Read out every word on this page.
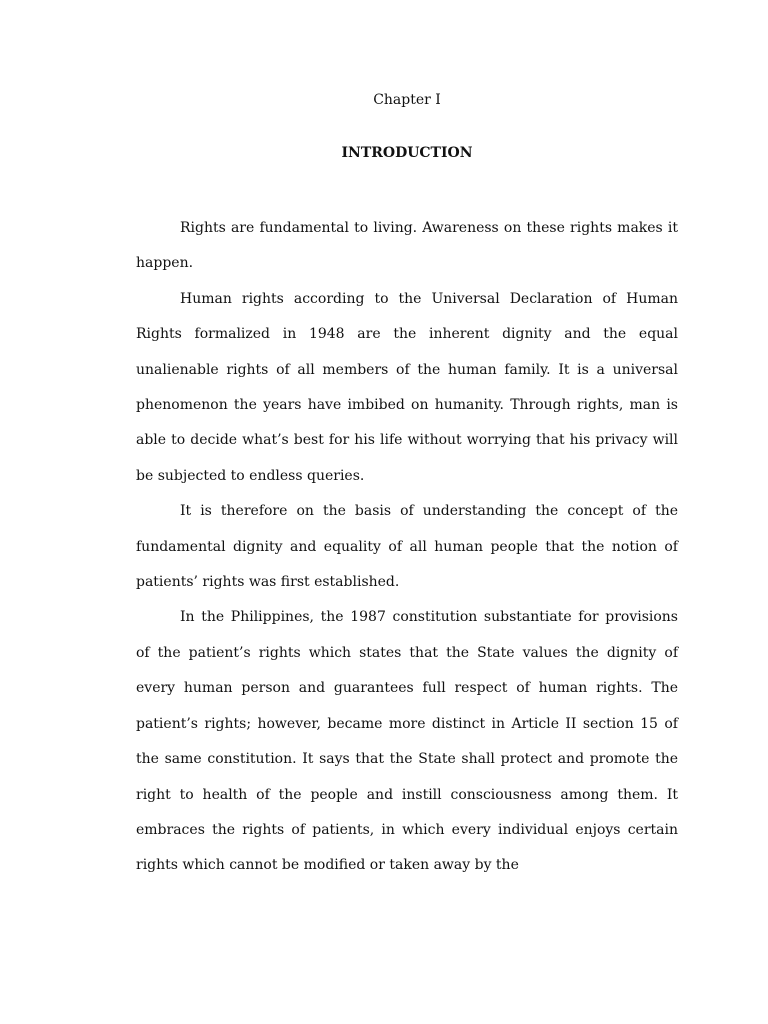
Chapter I
INTRODUCTION

Rights are fundamental to living. Awareness on these rights makes it happen.

Human rights according to the Universal Declaration of Human Rights formalized in 1948 are the inherent dignity and the equal unalienable rights of all members of the human family. It is a universal phenomenon the years have imbibed on humanity. Through rights, man is able to decide what’s best for his life without worrying that his privacy will be subjected to endless queries.

It is therefore on the basis of understanding the concept of the fundamental dignity and equality of all human people that the notion of patients’ rights was first established.

In the Philippines, the 1987 constitution substantiate for provisions of the patient’s rights which states that the State values the dignity of every human person and guarantees full respect of human rights. The patient’s rights; however, became more distinct in Article II section 15 of the same constitution. It says that the State shall protect and promote the right to health of the people and instill consciousness among them. It embraces the rights of patients, in which every individual enjoys certain rights which cannot be modified or taken away by the
